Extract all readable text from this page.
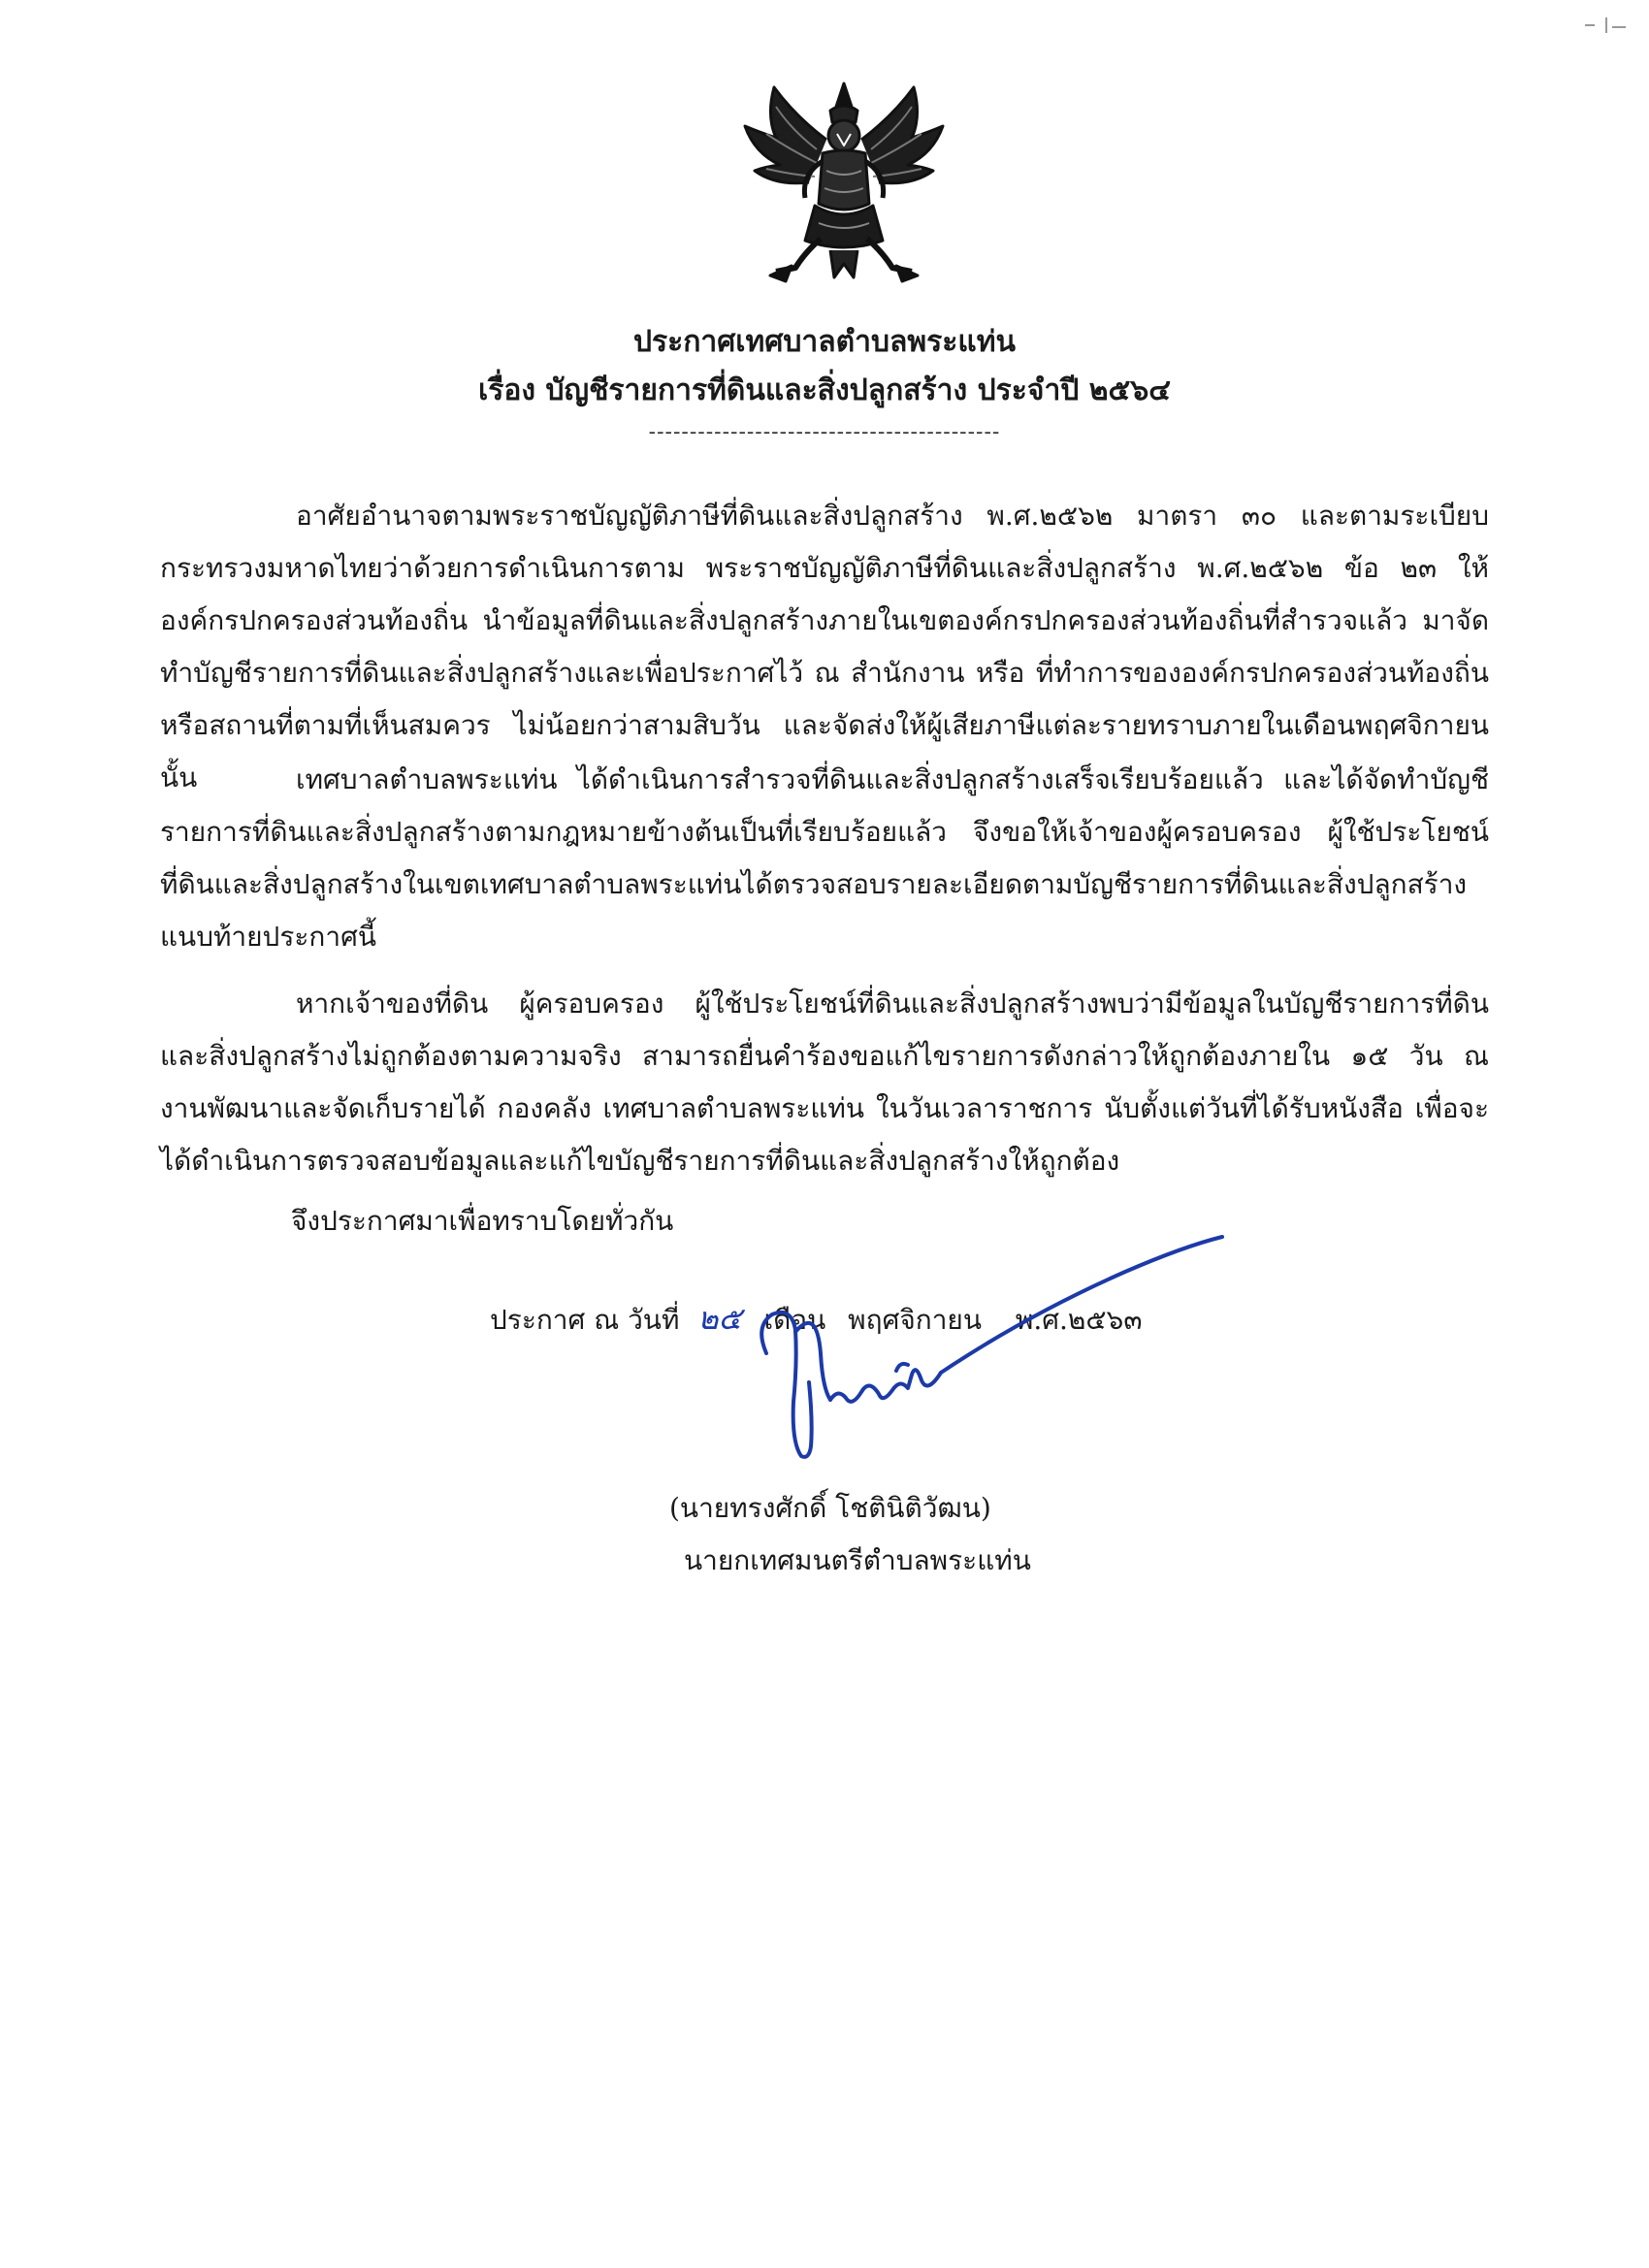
ประกาศเทศบาลตำบลพระแท่น

เรื่อง บัญชีรายการที่ดินและสิ่งปลูกสร้าง ประจำปี ๒๕๖๔

-------------------------------------------

อาศัยอำนาจตามพระราชบัญญัติภาษีที่ดินและสิ่งปลูกสร้าง พ.ศ.๒๕๖๒ มาตรา ๓๐ และตามระเบียบกระทรวงมหาดไทยว่าด้วยการดำเนินการตาม พระราชบัญญัติภาษีที่ดินและสิ่งปลูกสร้าง พ.ศ.๒๕๖๒ ข้อ ๒๓ ให้องค์กรปกครองส่วนท้องถิ่น นำข้อมูลที่ดินและสิ่งปลูกสร้างภายในเขตองค์กรปกครองส่วนท้องถิ่นที่สำรวจแล้ว มาจัดทำบัญชีรายการที่ดินและสิ่งปลูกสร้างและเพื่อประกาศไว้ ณ สำนักงาน หรือ ที่ทำการขององค์กรปกครองส่วนท้องถิ่น หรือสถานที่ตามที่เห็นสมควร ไม่น้อยกว่าสามสิบวัน และจัดส่งให้ผู้เสียภาษีแต่ละรายทราบภายในเดือนพฤศจิกายน นั้น	เทศบาลตำบลพระแท่น ได้ดำเนินการสำรวจที่ดินและสิ่งปลูกสร้างเสร็จเรียบร้อยแล้ว และได้จัดทำบัญชีรายการที่ดินและสิ่งปลูกสร้างตามกฎหมายข้างต้นเป็นที่เรียบร้อยแล้ว จึงขอให้เจ้าของผู้ครอบครอง ผู้ใช้ประโยชน์ที่ดินและสิ่งปลูกสร้างในเขตเทศบาลตำบลพระแท่นได้ตรวจสอบรายละเอียดตามบัญชีรายการที่ดินและสิ่งปลูกสร้าง แนบท้ายประกาศนี้

หากเจ้าของที่ดิน ผู้ครอบครอง ผู้ใช้ประโยชน์ที่ดินและสิ่งปลูกสร้างพบว่ามีข้อมูลในบัญชีรายการที่ดินและสิ่งปลูกสร้างไม่ถูกต้องตามความจริง สามารถยื่นคำร้องขอแก้ไขรายการดังกล่าวให้ถูกต้องภายใน ๑๕ วัน ณ งานพัฒนาและจัดเก็บรายได้ กองคลัง เทศบาลตำบลพระแท่น ในวันเวลาราชการ นับตั้งแต่วันที่ได้รับหนังสือ เพื่อจะได้ดำเนินการตรวจสอบข้อมูลและแก้ไขบัญชีรายการที่ดินและสิ่งปลูกสร้างให้ถูกต้อง

จึงประกาศมาเพื่อทราบโดยทั่วกัน

ประกาศ ณ วันที่ ๒๕ เดือน พฤศจิกายน พ.ศ.๒๕๖๓
(นายทรงศักดิ์ โชตินิติวัฒน)
นายกเทศมนตรีตำบลพระแท่น
